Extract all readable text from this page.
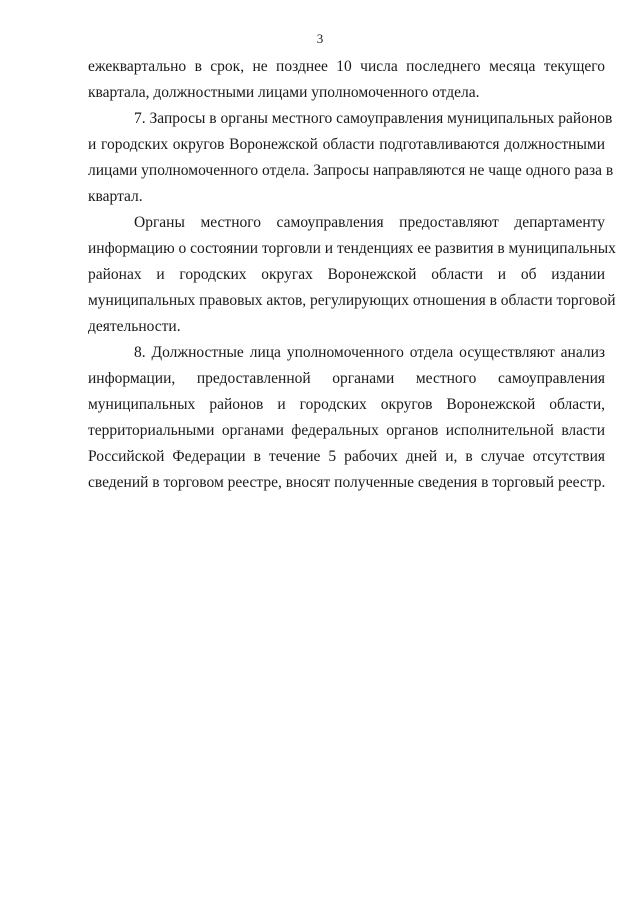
3
ежеквартально в срок, не позднее 10 числа последнего месяца текущего
квартала, должностными лицами уполномоченного отдела.
7. Запросы в органы местного самоуправления муниципальных районов
и городских округов Воронежской области подготавливаются должностными
лицами уполномоченного отдела. Запросы направляются не чаще одного раза в
квартал.
Органы местного самоуправления предоставляют департаменту
информацию о состоянии торговли и тенденциях ее развития в муниципальных
районах и городских округах Воронежской области и об издании
муниципальных правовых актов, регулирующих отношения в области торговой
деятельности.
8. Должностные лица уполномоченного отдела осуществляют анализ
информации, предоставленной органами местного самоуправления
муниципальных районов и городских округов Воронежской области,
территориальными органами федеральных органов исполнительной власти
Российской Федерации в течение 5 рабочих дней и, в случае отсутствия
сведений в торговом реестре, вносят полученные сведения в торговый реестр.
